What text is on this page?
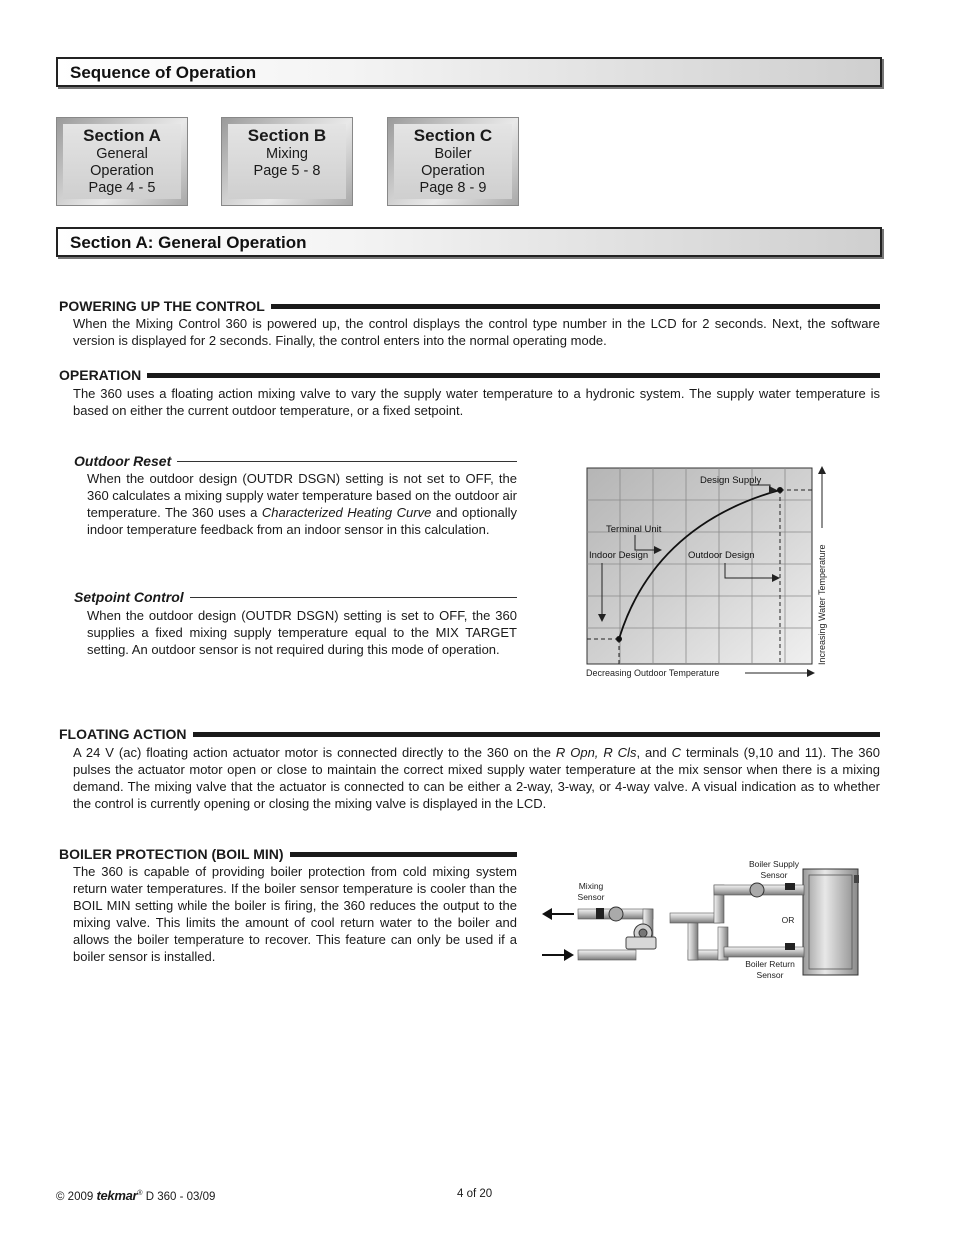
Sequence of Operation
Section A
General
Operation
Page 4 - 5
Section B
Mixing
Page 5 - 8
Section C
Boiler
Operation
Page 8 - 9
Section A: General Operation
POWERING UP THE CONTROL
When the Mixing Control 360 is powered up, the control displays the control type number in the LCD for 2 seconds. Next, the software version is displayed for 2 seconds. Finally, the control enters into the normal operating mode.
OPERATION
The 360 uses a floating action mixing valve to vary the supply water temperature to a hydronic system. The supply water temperature is based on either the current outdoor temperature, or a fixed setpoint.
Outdoor Reset
When the outdoor design (OUTDR DSGN) setting is not set to OFF, the 360 calculates a mixing supply water temperature based on the outdoor air temperature. The 360 uses a Characterized Heating Curve and optionally indoor temperature feedback from an indoor sensor in this calculation.
Setpoint Control
When the outdoor design (OUTDR DSGN) setting is set to OFF, the 360 supplies a fixed mixing supply temperature equal to the MIX TARGET setting. An outdoor sensor is not required during this mode of operation.
Design Supply
Terminal Unit
Indoor Design	Outdoor Design
Decreasing Outdoor Temperature
Increasing Water Temperature
FLOATING ACTION
A 24 V (ac) floating action actuator motor is connected directly to the 360 on the R Opn, R Cls, and C terminals (9,10 and 11). The 360 pulses the actuator motor open or close to maintain the correct mixed supply water temperature at the mix sensor when there is a mixing demand. The mixing valve that the actuator is connected to can be either a 2-way, 3-way, or 4-way valve. A visual indication as to whether the control is currently opening or closing the mixing valve is displayed in the LCD.
BOILER PROTECTION (BOIL MIN)
The 360 is capable of providing boiler protection from cold mixing system return water temperatures. If the boiler sensor temperature is cooler than the BOIL MIN setting while the boiler is firing, the 360 reduces the output to the mixing valve. This limits the amount of cool return water to the boiler and allows the boiler temperature to recover. This feature can only be used if a boiler sensor is installed.
Mixing
Sensor
Boiler Supply
Sensor
OR
Boiler Return
Sensor
© 2009 tekmar® D 360 - 03/09	4 of 20
